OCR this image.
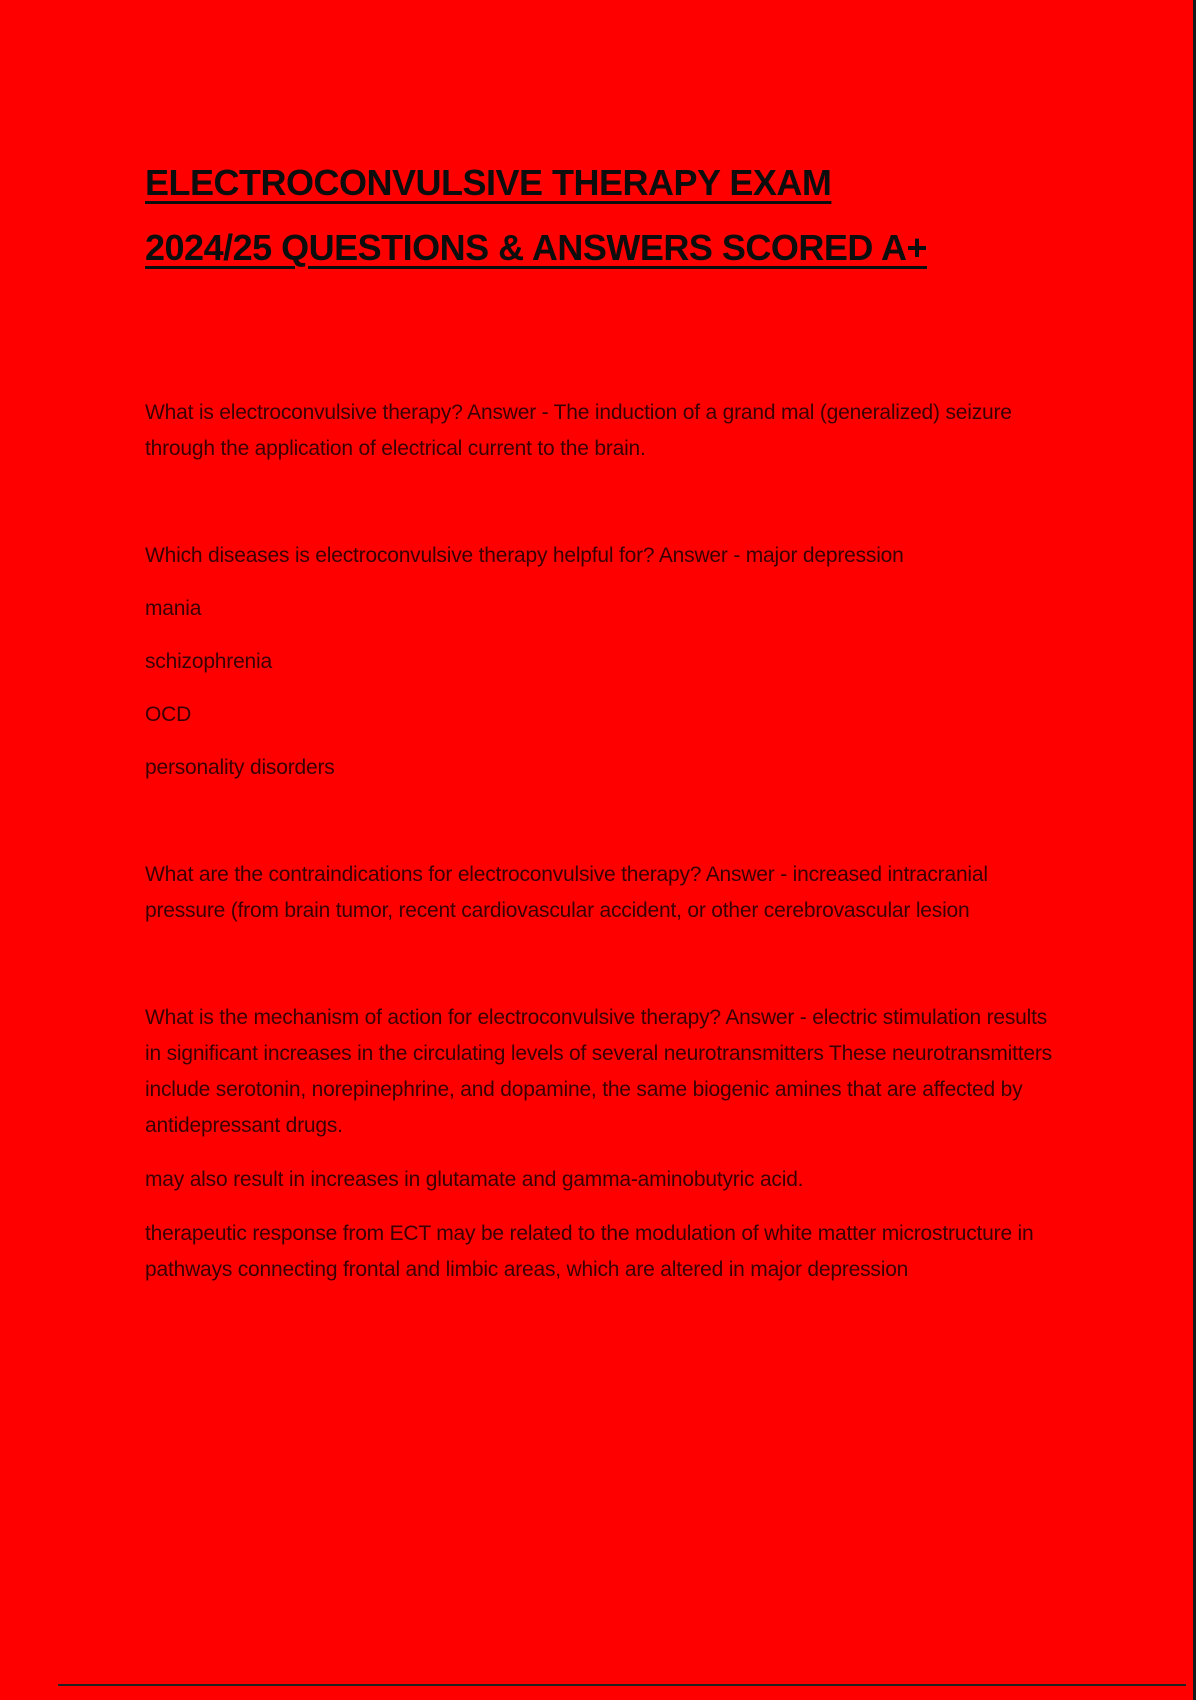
ELECTROCONVULSIVE THERAPY EXAM
2024/25 QUESTIONS & ANSWERS SCORED A+

What is electroconvulsive therapy? Answer - The induction of a grand mal (generalized) seizure through the application of electrical current to the brain.

Which diseases is electroconvulsive therapy helpful for? Answer - major depression

mania

schizophrenia

OCD

personality disorders

What are the contraindications for electroconvulsive therapy? Answer - increased intracranial pressure (from brain tumor, recent cardiovascular accident, or other cerebrovascular lesion

What is the mechanism of action for electroconvulsive therapy? Answer - electric stimulation results in significant increases in the circulating levels of several neurotransmitters These neurotransmitters include serotonin, norepinephrine, and dopamine, the same biogenic amines that are affected by antidepressant drugs.

may also result in increases in glutamate and gamma-aminobutyric acid.

therapeutic response from ECT may be related to the modulation of white matter microstructure in pathways connecting frontal and limbic areas, which are altered in major depression
